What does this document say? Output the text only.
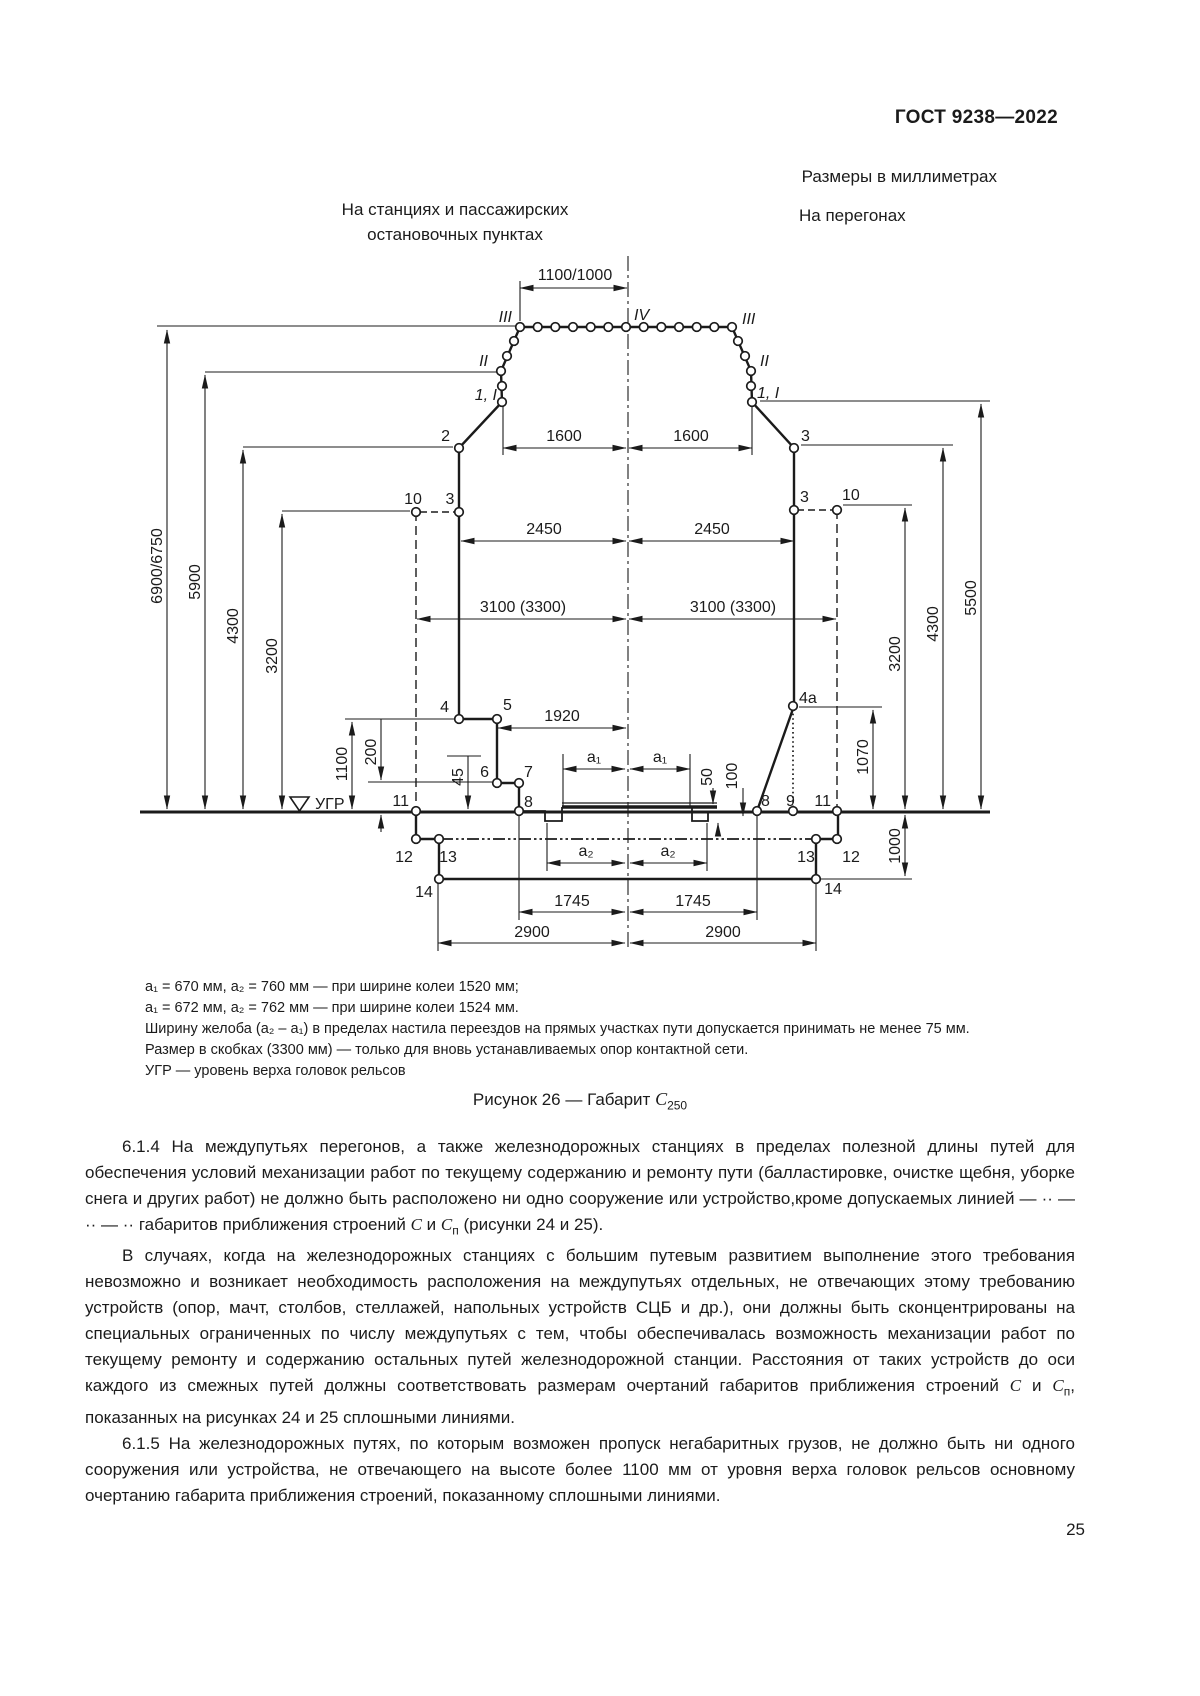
ГОСТ 9238—2022
Размеры в миллиметрах
На станциях и пассажирских
остановочных пунктах
На перегонах
III	IV	III
II	II
1, I	1, I
2	3
10 3	3 10
4	5
6 7
8
4a
8 9 11
11
12 13	13 12
14	14
УГР
1100/1000
1600	1600
2450	2450
3100 (3300)	3100 (3300)
1920
a₁	a₁
a₂	a₂
1745	1745
2900	2900
6900/6750 5900
4300
3200
1100 200
45	50 100
1070
3200
4300
5500
1000
a₁ = 670 мм, a₂ = 760 мм — при ширине колеи 1520 мм;
a₁ = 672 мм, a₂ = 762 мм — при ширине колеи 1524 мм.
Ширину желоба (a₂ – a₁) в пределах настила переездов на прямых участках пути допускается принимать не менее 75 мм.
Размер в скобках (3300 мм) — только для вновь устанавливаемых опор контактной сети.
УГР — уровень верха головок рельсов
Рисунок 26 — Габарит $C_{250}$

6.1.4 На междупутьях перегонов, а также железнодорожных станциях в пределах полезной длины путей для обеспечения условий механизации работ по текущему содержанию и ремонту пути (балластировке, очистке щебня, уборке снега и других работ) не должно быть расположено ни одно сооружение или устройство,кроме допускаемых линией — ·· — ·· — ·· габаритов приближения строений C и $C_п$ (рисунки 24 и 25).

В случаях, когда на железнодорожных станциях с большим путевым развитием выполнение этого требования невозможно и возникает необходимость расположения на междупутьях отдельных, не отвечающих этому требованию устройств (опор, мачт, столбов, стеллажей, напольных устройств СЦБ и др.), они должны быть сконцентрированы на специальных ограниченных по числу междупутьях с тем, чтобы обеспечивалась возможность механизации работ по текущему ремонту и содержанию остальных путей железнодорожной станции. Расстояния от таких устройств до оси каждого из смежных путей должны соответствовать размерам очертаний габаритов приближения строений C и $C_п$, показанных на рисунках 24 и 25 сплошными линиями.

6.1.5 На железнодорожных путях, по которым возможен пропуск негабаритных грузов, не должно быть ни одного сооружения или устройства, не отвечающего на высоте более 1100 мм от уровня верха головок рельсов основному очертанию габарита приближения строений, показанному сплошными линиями.

25
